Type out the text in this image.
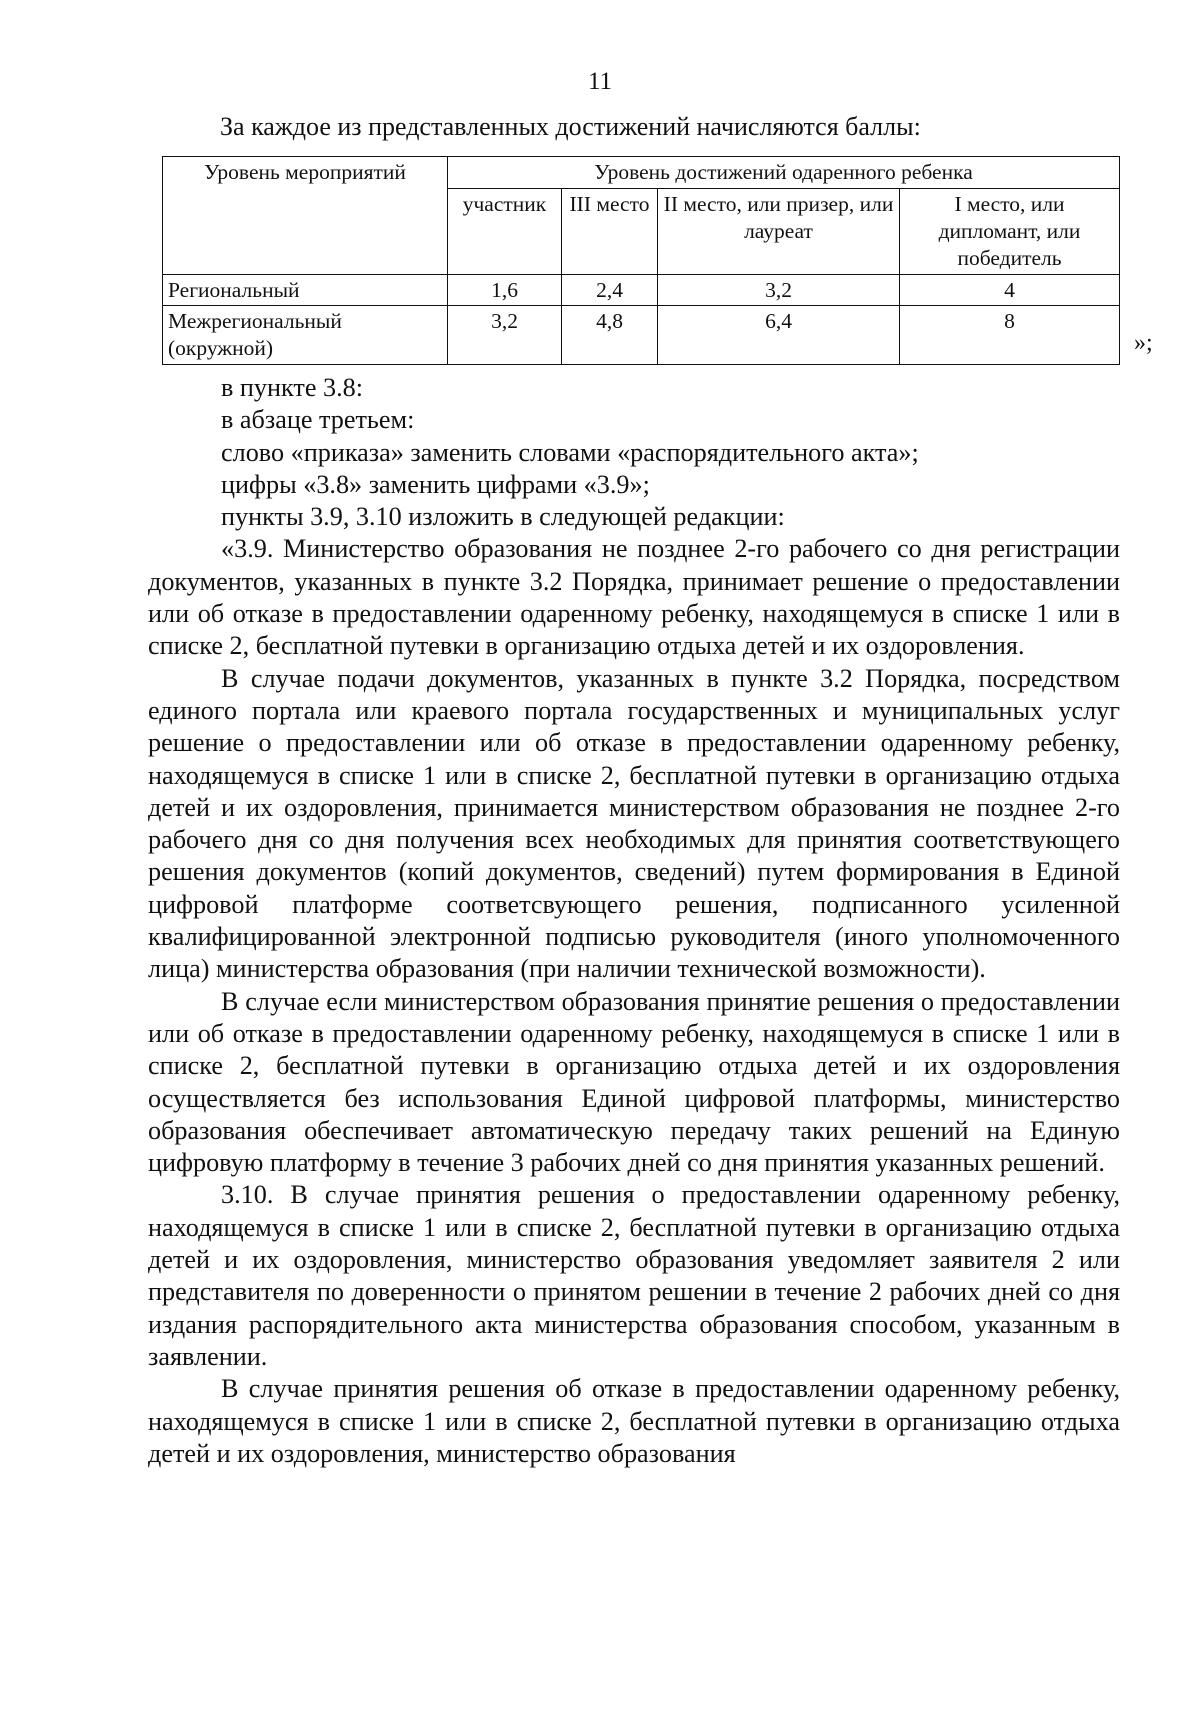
11
За каждое из представленных достижений начисляются баллы:
Уровень мероприятий	Уровень достижений одаренного ребенка			
	участник	III место	II место, или призер, или лауреат	I место, или дипломант, или победитель
Региональный	1,6	2,4	3,2	4
Межрегиональный (окружной)	3,2	4,8	6,4	8
»;

в пункте 3.8:

в абзаце третьем:

слово «приказа» заменить словами «распорядительного акта»;

цифры «3.8» заменить цифрами «3.9»;

пункты 3.9, 3.10 изложить в следующей редакции:

«3.9. Министерство образования не позднее 2-го рабочего со дня регистрации документов, указанных в пункте 3.2 Порядка, принимает решение о предоставлении или об отказе в предоставлении одаренному ребенку, находящемуся в списке 1 или в списке 2, бесплатной путевки в организацию отдыха детей и их оздоровления.

В случае подачи документов, указанных в пункте 3.2 Порядка, посредством единого портала или краевого портала государственных и муниципальных услуг решение о предоставлении или об отказе в предоставлении одаренному ребенку, находящемуся в списке 1 или в списке 2, бесплатной путевки в организацию отдыха детей и их оздоровления, принимается министерством образования не позднее 2-го рабочего дня со дня получения всех необходимых для принятия соответствующего решения документов (копий документов, сведений) путем формирования в Единой цифровой платформе соответсвующего решения, подписанного усиленной квалифицированной электронной подписью руководителя (иного уполномоченного лица) министерства образования (при наличии технической возможности).

В случае если министерством образования принятие решения о предоставлении или об отказе в предоставлении одаренному ребенку, находящемуся в списке 1 или в списке 2, бесплатной путевки в организацию отдыха детей и их оздоровления осуществляется без использования Единой цифровой платформы, министерство образования обеспечивает автоматическую передачу таких решений на Единую цифровую платформу в течение 3 рабочих дней со дня принятия указанных решений.

3.10. В случае принятия решения о предоставлении одаренному ребенку, находящемуся в списке 1 или в списке 2, бесплатной путевки в организацию отдыха детей и их оздоровления, министерство образования уведомляет заявителя 2 или представителя по доверенности о принятом решении в течение 2 рабочих дней со дня издания распорядительного акта министерства образования способом, указанным в заявлении.

В случае принятия решения об отказе в предоставлении одаренному ребенку, находящемуся в списке 1 или в списке 2, бесплатной путевки в организацию отдыха детей и их оздоровления, министерство образования
